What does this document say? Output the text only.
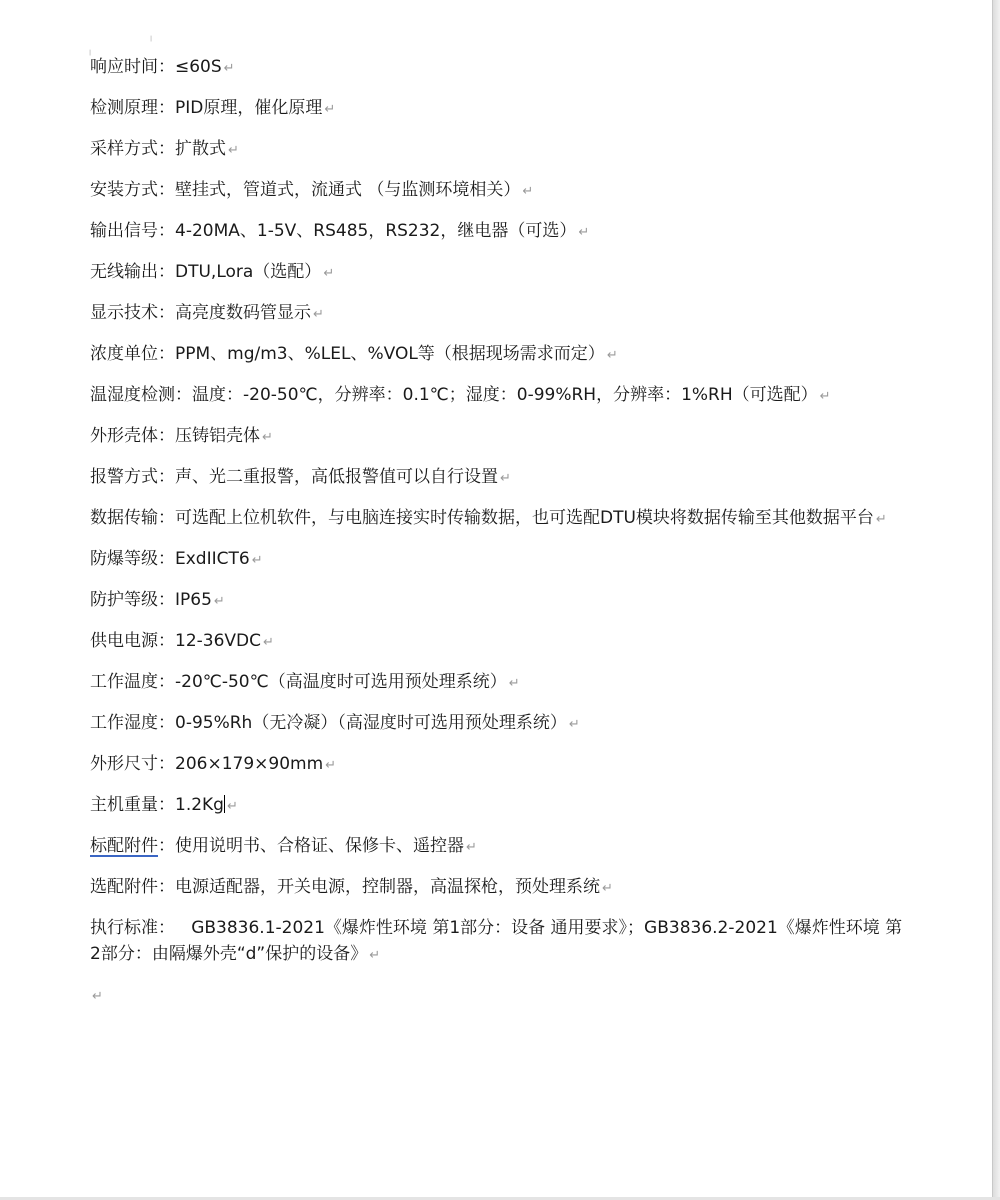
╷
╷

响应时间：≤60S ↵

检测原理：PID原理，催化原理 ↵

采样方式：扩散式 ↵

安装方式：壁挂式，管道式，流通式 （与监测环境相关） ↵

输出信号：4-20MA、1-5V、RS485，RS232，继电器（可选） ↵

无线输出：DTU,Lora（选配） ↵

显示技术：高亮度数码管显示 ↵

浓度单位：PPM、mg/m3、%LEL、%VOL等（根据现场需求而定） ↵

温湿度检测：温度：-20-50℃，分辨率：0.1℃；湿度：0-99%RH，分辨率：1%RH（可选配） ↵

外形壳体：压铸铝壳体 ↵

报警方式：声、光二重报警，高低报警值可以自行设置 ↵

数据传输：可选配上位机软件，与电脑连接实时传输数据，也可选配DTU模块将数据传输至其他数据平台 ↵

防爆等级：ExdIICT6 ↵

防护等级：IP65 ↵

供电电源：12-36VDC ↵

工作温度：-20℃-50℃（高温度时可选用预处理系统） ↵

工作湿度：0-95%Rh（无冷凝）（高湿度时可选用预处理系统） ↵

外形尺寸：206×179×90mm ↵

主机重量：1.2Kg ↵

标配附件：使用说明书、合格证、保修卡、遥控器 ↵

选配附件：电源适配器，开关电源，控制器，高温探枪，预处理系统 ↵

执行标准：   GB3836.1-2021《爆炸性环境 第1部分：设备 通用要求》；GB3836.2-2021《爆炸性环境 第2部分：由隔爆外壳“d”保护的设备》 ↵

↵
